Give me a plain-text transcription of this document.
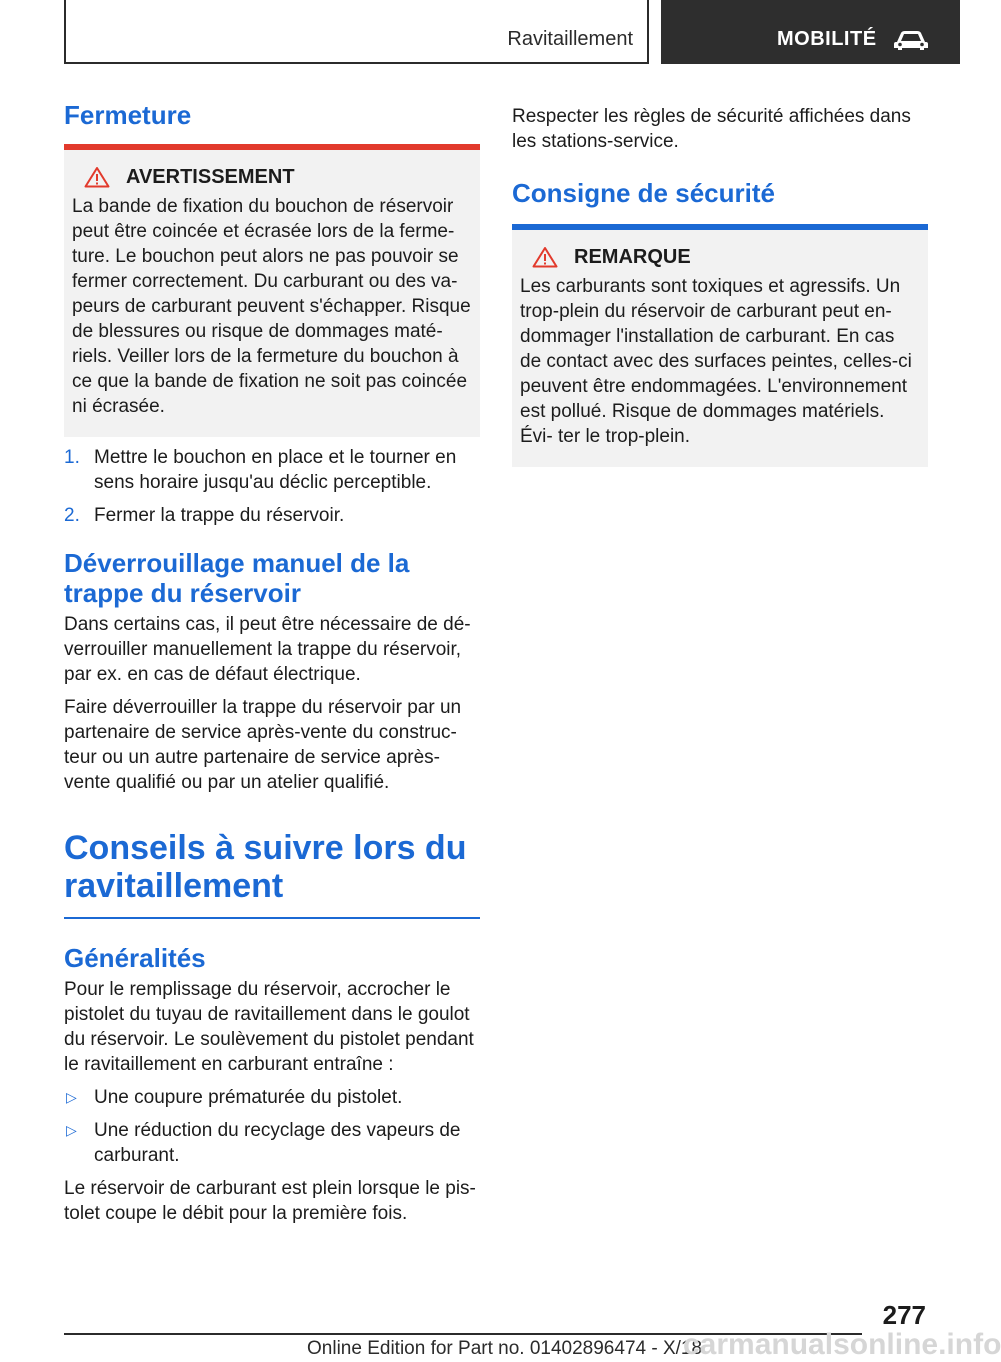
Ravitaillement	MOBILITÉ
Fermeture
AVERTISSEMENT

La bande de fixation du bouchon de réservoir peut être coincée et écrasée lors de la ferme- ture. Le bouchon peut alors ne pas pouvoir se fermer correctement. Du carburant ou des va- peurs de carburant peuvent s'échapper. Risque de blessures ou risque de dommages maté- riels. Veiller lors de la fermeture du bouchon à ce que la bande de fixation ne soit pas coincée ni écrasée.

1. Mettre le bouchon en place et le tourner en sens horaire jusqu'au déclic perceptible.
2. Fermer la trappe du réservoir.
Déverrouillage manuel de la trappe du réservoir

Dans certains cas, il peut être nécessaire de dé- verrouiller manuellement la trappe du réservoir, par ex. en cas de défaut électrique.

Faire déverrouiller la trappe du réservoir par un partenaire de service après-vente du construc- teur ou un autre partenaire de service après- vente qualifié ou par un atelier qualifié.

Conseils à suivre lors du ravitaillement
Généralités

Pour le remplissage du réservoir, accrocher le pistolet du tuyau de ravitaillement dans le goulot du réservoir. Le soulèvement du pistolet pendant le ravitaillement en carburant entraîne :

▷ Une coupure prématurée du pistolet.
▷ Une réduction du recyclage des vapeurs de carburant.

Le réservoir de carburant est plein lorsque le pis- tolet coupe le débit pour la première fois.

Respecter les règles de sécurité affichées dans les stations-service.

Consigne de sécurité
REMARQUE

Les carburants sont toxiques et agressifs. Un trop-plein du réservoir de carburant peut en- dommager l'installation de carburant. En cas de contact avec des surfaces peintes, celles-ci peuvent être endommagées. L'environnement est pollué. Risque de dommages matériels. Évi- ter le trop-plein.

277
Online Edition for Part no. 01402896474 - X/18
carmanualsonline.info
